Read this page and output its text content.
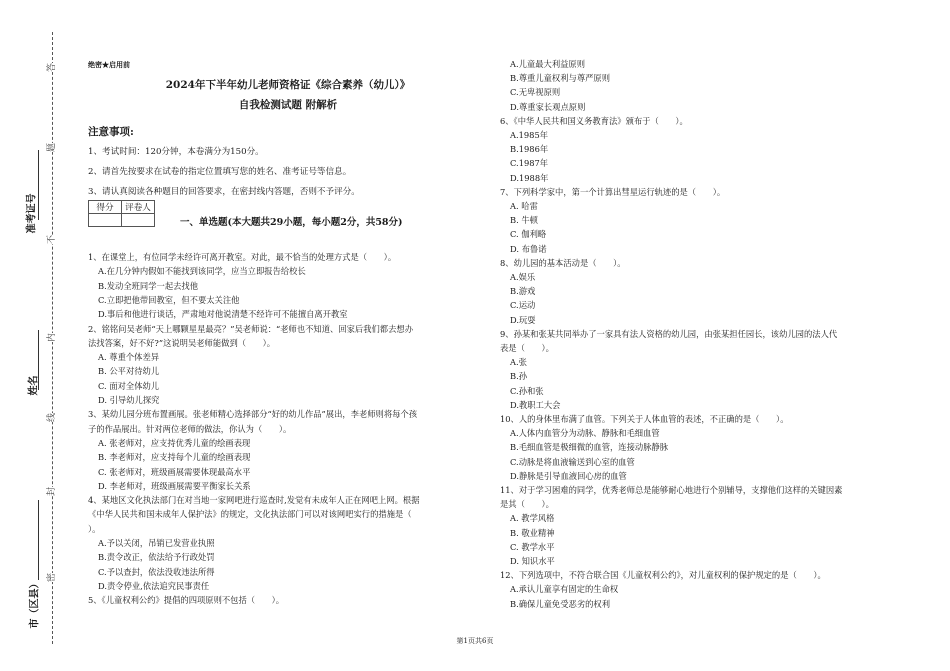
答
题
不
内
线
封
密
准考证号
姓名
市（区县）
绝密★启用前
2024年下半年幼儿老师资格证《综合素养（幼儿）》
自我检测试题 附解析
注意事项:
1、考试时间：120分钟，本卷满分为150分。
2、请首先按要求在试卷的指定位置填写您的姓名、准考证号等信息。
3、请认真阅读各种题目的回答要求，在密封线内答题，否则不予评分。
得分	评卷人

一、单选题(本大题共29小题，每小题2分，共58分)
1、在课堂上，有位同学未经许可离开教室。对此，最不恰当的处理方式是（　　）。
A.在几分钟内假如不能找到该同学，应当立即报告给校长
B.发动全班同学一起去找他
C.立即把他带回教室，但不要太关注他
D.事后和他进行谈话，严肃地对他说清楚不经许可不能擅自离开教室
2、铭铭问吴老师“天上哪颗星星最亮？”吴老师说：“老师也不知道、回家后我们都去想办
法找答案，好不好?”这说明吴老师能做到（　　）。
A. 尊重个体差异
B. 公平对待幼儿
C. 面对全体幼儿
D. 引导幼儿探究
3、某幼儿园分班布置画展。张老师精心选择部分“好的幼儿作品”展出，李老师则将每个孩
子的作品展出。针对两位老师的做法，你认为（　　）。
A. 张老师对，应支持优秀儿童的绘画表现
B. 李老师对，应支持每个儿童的绘画表现
C. 张老师对，班级画展需要体现最高水平
D. 李老师对，班级画展需要平衡家长关系
4、某地区文化执法部门在对当地一家网吧进行巡查时,发觉有未成年人正在网吧上网。根据
《中华人民共和国未成年人保护法》的规定，文化执法部门可以对该网吧实行的措施是（
）。
A.予以关闭，吊销已发营业执照
B.责令改正，依法给予行政处罚
C.予以查封，依法没收违法所得
D.责令停业,依法追究民事责任
5、《儿童权利公约》提倡的四项原则不包括（　　）。
A.儿童最大利益原则
B.尊重儿童权利与尊严原则
C.无卑视原则
D.尊重家长观点原则
6、《中华人民共和国义务教育法》颁布于（　　）。
A.1985年
B.1986年
C.1987年
D.1988年
7、下列科学家中，第一个计算出彗星运行轨迹的是（　　）。
A. 哈雷
B. 牛顿
C. 伽利略
D. 布鲁诺
8、幼儿园的基本活动是（　　）。
A.娱乐
B.游戏
C.运动
D.玩耍
9、孙某和张某共同举办了一家具有法人资格的幼儿园，由张某担任园长，该幼儿园的法人代
表是（　　）。
A.张
B.孙
C.孙和张
D.教职工大会
10、人的身体里布满了血管。下列关于人体血管的表述，不正确的是（　　）。
A.人体内血管分为动脉、静脉和毛细血管
B.毛细血管是极细微的血管，连接动脉静脉
C.动脉是将血液输送到心室的血管
D.静脉是引导血液回心房的血管
11、对于学习困难的同学，优秀老师总是能够耐心地进行个别辅导，支撑他们这样的关键因素
是其（　　）。
A. 教学风格
B. 敬业精神
C. 教学水平
D. 知识水平
12、下列选项中，不符合联合国《儿童权利公约》，对儿童权利的保护规定的是（　　）。
A.承认儿童享有固定的生命权
B.确保儿童免受恶劣的权利
第1页共6页
